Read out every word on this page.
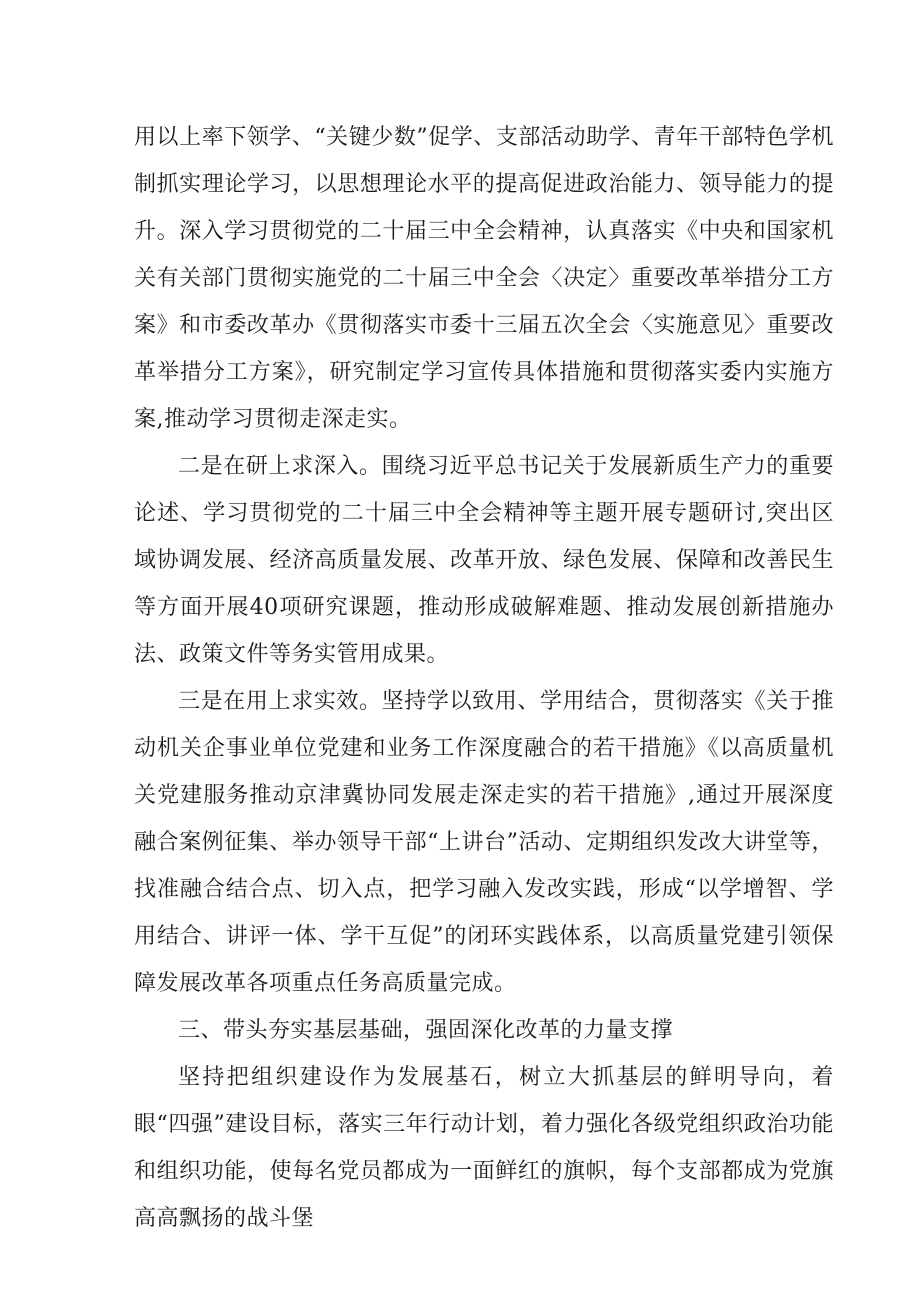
用以上率下领学、“关键少数”促学、支部活动助学、青年干部特色学机制抓实理论学习，以思想理论水平的提高促进政治能力、领导能力的提升。深入学习贯彻党的二十届三中全会精神，认真落实《中央和国家机关有关部门贯彻实施党的二十届三中全会〈决定〉重要改革举措分工方案》和市委改革办《贯彻落实市委十三届五次全会〈实施意见〉重要改革举措分工方案》，研究制定学习宣传具体措施和贯彻落实委内实施方案,推动学习贯彻走深走实。

二是在研上求深入。围绕习近平总书记关于发展新质生产力的重要论述、学习贯彻党的二十届三中全会精神等主题开展专题研讨,突出区域协调发展、经济高质量发展、改革开放、绿色发展、保障和改善民生等方面开展40项研究课题，推动形成破解难题、推动发展创新措施办法、政策文件等务实管用成果。

三是在用上求实效。坚持学以致用、学用结合，贯彻落实《关于推动机关企事业单位党建和业务工作深度融合的若干措施》《以高质量机关党建服务推动京津冀协同发展走深走实的若干措施》,通过开展深度融合案例征集、举办领导干部“上讲台”活动、定期组织发改大讲堂等，找准融合结合点、切入点，把学习融入发改实践，形成“以学增智、学用结合、讲评一体、学干互促”的闭环实践体系，以高质量党建引领保障发展改革各项重点任务高质量完成。

三、带头夯实基层基础，强固深化改革的力量支撑

坚持把组织建设作为发展基石，树立大抓基层的鲜明导向，着眼“四强”建设目标，落实三年行动计划，着力强化各级党组织政治功能和组织功能，使每名党员都成为一面鲜红的旗帜，每个支部都成为党旗高高飘扬的战斗堡
